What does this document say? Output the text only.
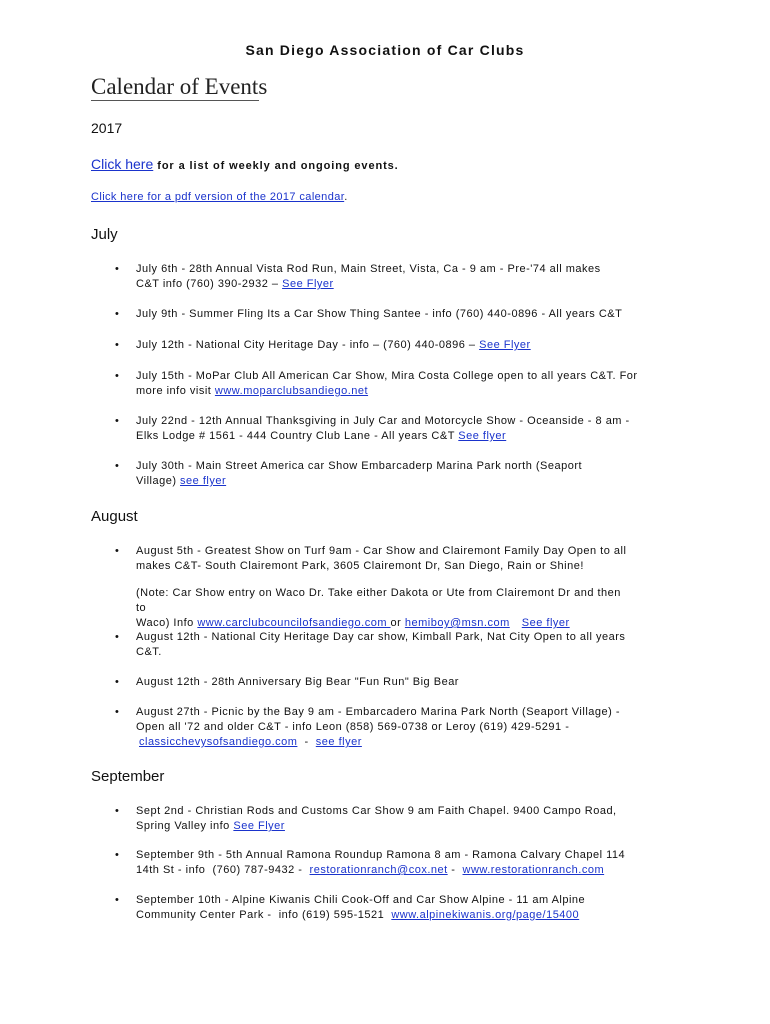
San Diego Association of Car Clubs
Calendar of Events
2017
Click here for a list of weekly and ongoing events.
Click here for a pdf version of the 2017 calendar.
July
• July 6th - 28th Annual Vista Rod Run, Main Street, Vista, Ca - 9 am - Pre-'74 all makes
C&T info (760) 390-2932 – See Flyer
• July 9th - Summer Fling Its a Car Show Thing Santee - info (760) 440-0896 - All years C&T
• July 12th - National City Heritage Day - info – (760) 440-0896 – See Flyer
• July 15th - MoPar Club All American Car Show, Mira Costa College open to all years C&T. For
more info visit www.moparclubsandiego.net
• July 22nd - 12th Annual Thanksgiving in July Car and Motorcycle Show - Oceanside - 8 am -
Elks Lodge # 1561 - 444 Country Club Lane - All years C&T See flyer
• July 30th - Main Street America car Show Embarcaderp Marina Park north (Seaport
Village) see flyer
August
• August 5th - Greatest Show on Turf 9am - Car Show and Clairemont Family Day Open to all
makes C&T- South Clairemont Park, 3605 Clairemont Dr, San Diego, Rain or Shine!
(Note: Car Show entry on Waco Dr. Take either Dakota or Ute from Clairemont Dr and then
to
Waco) Info www.carclubcouncilofsandiego.com or hemiboy@msn.com See flyer
• August 12th - National City Heritage Day car show, Kimball Park, Nat City Open to all years
C&T.
• August 12th - 28th Anniversary Big Bear "Fun Run" Big Bear
• August 27th - Picnic by the Bay 9 am - Embarcadero Marina Park North (Seaport Village) -
Open all '72 and older C&T - info Leon (858) 569-0738 or Leroy (619) 429-5291 -
classicchevysofsandiego.com  -  see flyer
September
• Sept 2nd - Christian Rods and Customs Car Show 9 am Faith Chapel. 9400 Campo Road,
Spring Valley info See Flyer
• September 9th - 5th Annual Ramona Roundup Ramona 8 am - Ramona Calvary Chapel 114
14th St - info  (760) 787-9432 -  restorationranch@cox.net -  www.restorationranch.com
• September 10th - Alpine Kiwanis Chili Cook-Off and Car Show Alpine - 11 am Alpine
Community Center Park -  info (619) 595-1521  www.alpinekiwanis.org/page/15400
